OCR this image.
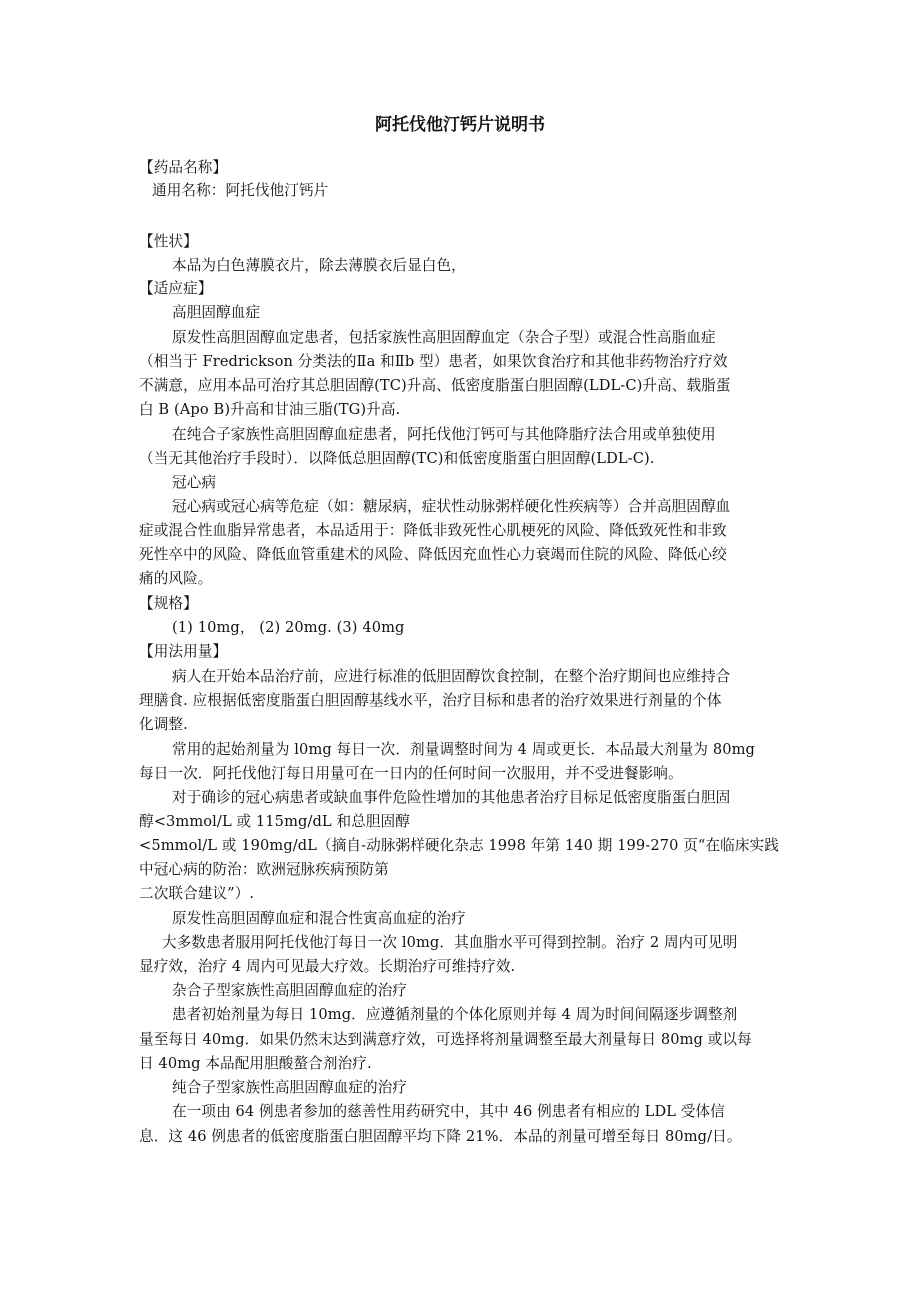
阿托伐他汀钙片说明书
【药品名称】
通用名称：阿托伐他汀钙片
【性状】
本品为白色薄膜衣片，除去薄膜衣后显白色，
【适应症】
高胆固醇血症
原发性高胆固醇血定患者，包括家族性高胆固醇血定（杂合子型）或混合性高脂血症
（相当于 Fredrickson 分类法的Ⅱa 和Ⅱb 型）患者，如果饮食治疗和其他非药物治疗疗效
不满意，应用本品可治疗其总胆固醇(TC)升高、低密度脂蛋白胆固醇(LDL-C)升高、载脂蛋
白 B (Apo B)升高和甘油三脂(TG)升高.
在纯合子家族性高胆固醇血症患者，阿托伐他汀钙可与其他降脂疗法合用或单独使用
（当无其他治疗手段时）．以降低总胆固醇(TC)和低密度脂蛋白胆固醇(LDL-C).
冠心病
冠心病或冠心病等危症（如：糖尿病，症状性动脉粥样硬化性疾病等）合并高胆固醇血
症或混合性血脂异常患者，本品适用于：降低非致死性心肌梗死的风险、降低致死性和非致
死性卒中的风险、降低血管重建术的风险、降低因充血性心力衰竭而住院的风险、降低心绞
痛的风险。
【规格】
(1) 10mg， (2) 20mg. (3) 40mg
【用法用量】
病人在开始本品治疗前，应进行标准的低胆固醇饮食控制，在整个治疗期间也应维持合
理膳食. 应根据低密度脂蛋白胆固醇基线水平，治疗目标和患者的治疗效果进行剂量的个体
化调整.
常用的起始剂量为 l0mg 每日一次．剂量调整时间为 4 周或更长．本品最大剂量为 80mg
每日一次．阿托伐他汀每日用量可在一日内的任何时间一次服用，并不受进餐影响。
对于确诊的冠心病患者或缺血事件危险性增加的其他患者治疗目标足低密度脂蛋白胆固
醇<3mmol/L 或 115mg/dL 和总胆固醇
<5mmol/L 或 190mg/dL（摘自-动脉粥样硬化杂志 1998 年第 140 期 199-270 页“在临床实践
中冠心病的防治：欧洲冠脉疾病预防第
二次联合建议”）.
原发性高胆固醇血症和混合性寅高血症的治疗
大多数患者服用阿托伐他汀每日一次 l0mg．其血脂水平可得到控制。治疗 2 周内可见明
显疗效，治疗 4 周内可见最大疗效。长期治疗可维持疗效.
杂合子型家族性高胆固醇血症的治疗
患者初始剂量为每日 10mg．应遵循剂量的个体化原则并每 4 周为时间间隔逐步调整剂
量至每日 40mg．如果仍然末达到满意疗效，可选择将剂量调整至最大剂量每日 80mg 或以每
日 40mg 本品配用胆酸螯合剂治疗.
纯合子型家族性高胆固醇血症的治疗
在一项由 64 例患者参加的慈善性用药研究中，其中 46 例患者有相应的 LDL 受体信
息．这 46 例患者的低密度脂蛋白胆固醇平均下降 21%．本品的剂量可增至每日 80mg/日。
